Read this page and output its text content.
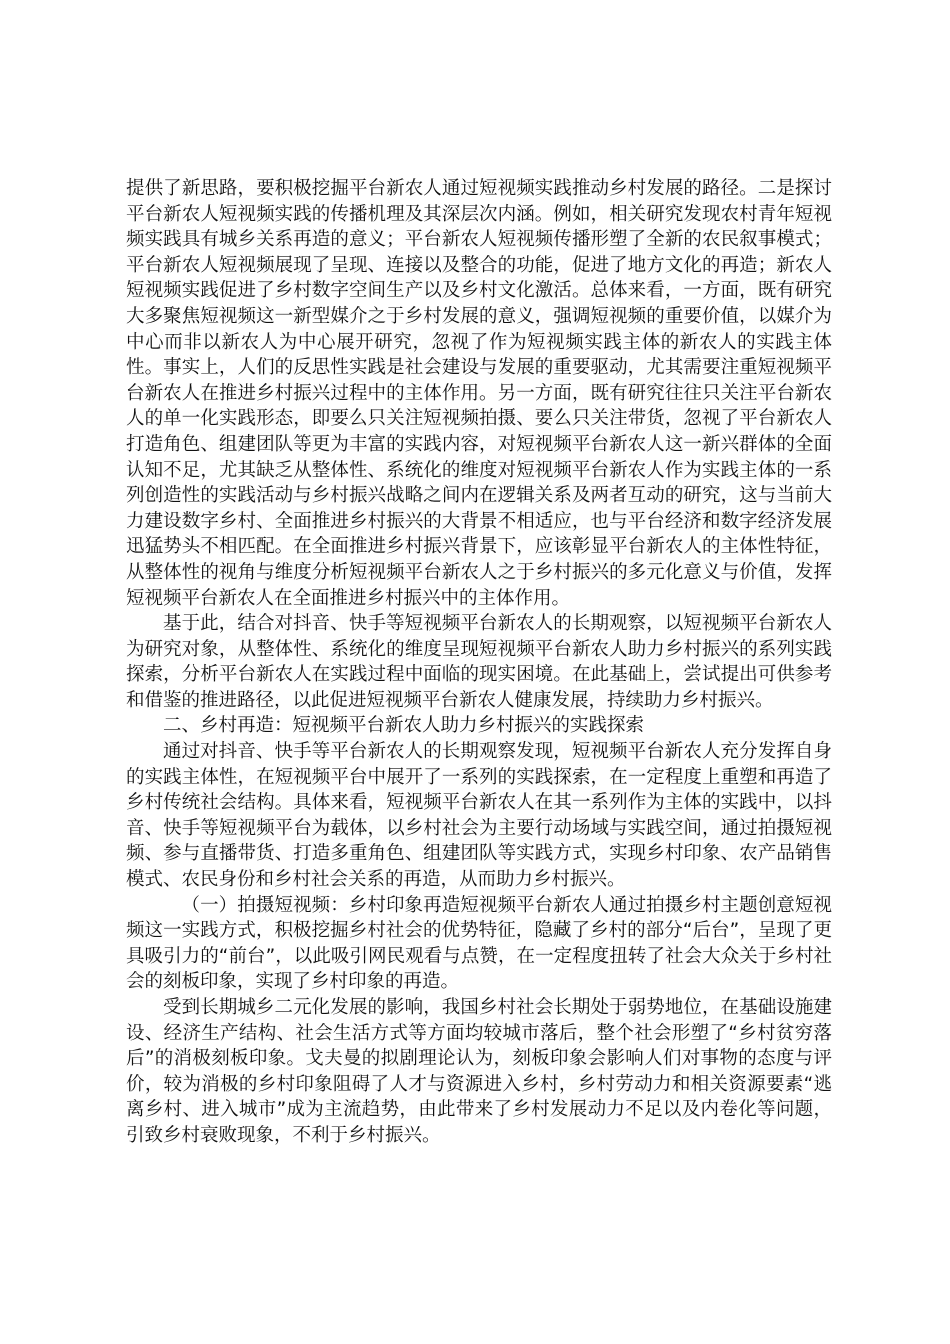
提供了新思路，要积极挖掘平台新农人通过短视频实践推动乡村发展的路径。二是探讨平台新农人短视频实践的传播机理及其深层次内涵。例如，相关研究发现农村青年短视频实践具有城乡关系再造的意义；平台新农人短视频传播形塑了全新的农民叙事模式；平台新农人短视频展现了呈现、连接以及整合的功能，促进了地方文化的再造；新农人短视频实践促进了乡村数字空间生产以及乡村文化激活。总体来看，一方面，既有研究大多聚焦短视频这一新型媒介之于乡村发展的意义，强调短视频的重要价值，以媒介为中心而非以新农人为中心展开研究，忽视了作为短视频实践主体的新农人的实践主体性。事实上，人们的反思性实践是社会建设与发展的重要驱动，尤其需要注重短视频平台新农人在推进乡村振兴过程中的主体作用。另一方面，既有研究往往只关注平台新农人的单一化实践形态，即要么只关注短视频拍摄、要么只关注带货，忽视了平台新农人打造角色、组建团队等更为丰富的实践内容，对短视频平台新农人这一新兴群体的全面认知不足，尤其缺乏从整体性、系统化的维度对短视频平台新农人作为实践主体的一系列创造性的实践活动与乡村振兴战略之间内在逻辑关系及两者互动的研究，这与当前大力建设数字乡村、全面推进乡村振兴的大背景不相适应，也与平台经济和数字经济发展迅猛势头不相匹配。在全面推进乡村振兴背景下，应该彰显平台新农人的主体性特征，从整体性的视角与维度分析短视频平台新农人之于乡村振兴的多元化意义与价值，发挥短视频平台新农人在全面推进乡村振兴中的主体作用。

基于此，结合对抖音、快手等短视频平台新农人的长期观察，以短视频平台新农人为研究对象，从整体性、系统化的维度呈现短视频平台新农人助力乡村振兴的系列实践探索，分析平台新农人在实践过程中面临的现实困境。在此基础上，尝试提出可供参考和借鉴的推进路径，以此促进短视频平台新农人健康发展，持续助力乡村振兴。

二、乡村再造：短视频平台新农人助力乡村振兴的实践探索

通过对抖音、快手等平台新农人的长期观察发现，短视频平台新农人充分发挥自身的实践主体性，在短视频平台中展开了一系列的实践探索，在一定程度上重塑和再造了乡村传统社会结构。具体来看，短视频平台新农人在其一系列作为主体的实践中，以抖音、快手等短视频平台为载体，以乡村社会为主要行动场域与实践空间，通过拍摄短视频、参与直播带货、打造多重角色、组建团队等实践方式，实现乡村印象、农产品销售模式、农民身份和乡村社会关系的再造，从而助力乡村振兴。

（一）拍摄短视频：乡村印象再造短视频平台新农人通过拍摄乡村主题创意短视频这一实践方式，积极挖掘乡村社会的优势特征，隐藏了乡村的部分“后台”，呈现了更具吸引力的“前台”，以此吸引网民观看与点赞，在一定程度扭转了社会大众关于乡村社会的刻板印象，实现了乡村印象的再造。

受到长期城乡二元化发展的影响，我国乡村社会长期处于弱势地位，在基础设施建设、经济生产结构、社会生活方式等方面均较城市落后，整个社会形塑了“乡村贫穷落后”的消极刻板印象。戈夫曼的拟剧理论认为，刻板印象会影响人们对事物的态度与评价，较为消极的乡村印象阻碍了人才与资源进入乡村，乡村劳动力和相关资源要素“逃离乡村、进入城市”成为主流趋势，由此带来了乡村发展动力不足以及内卷化等问题，引致乡村衰败现象，不利于乡村振兴。
